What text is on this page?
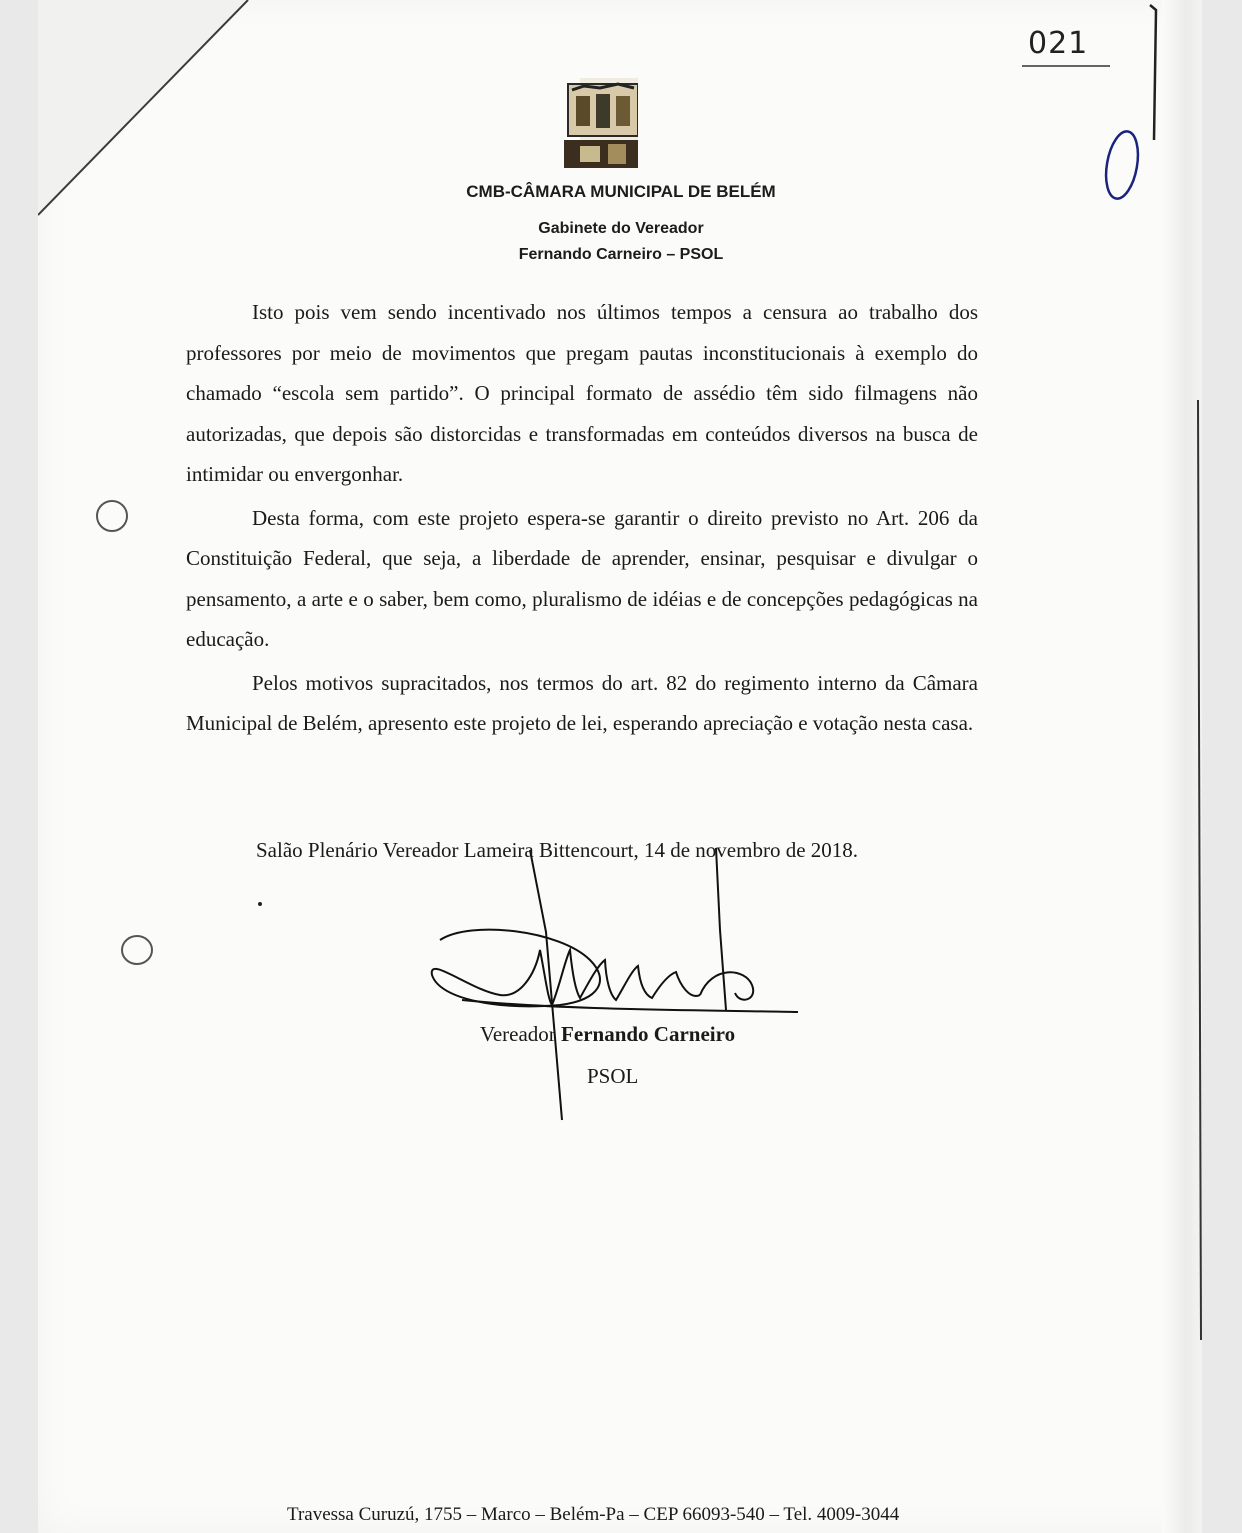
021
CMB-CÂMARA MUNICIPAL DE BELÉM
Gabinete do Vereador
Fernando Carneiro – PSOL

Isto pois vem sendo incentivado nos últimos tempos a censura ao trabalho dos professores por meio de movimentos que pregam pautas inconstitucionais à exemplo do chamado “escola sem partido”. O principal formato de assédio têm sido filmagens não autorizadas, que depois são distorcidas e transformadas em conteúdos diversos na busca de intimidar ou envergonhar.

Desta forma, com este projeto espera-se garantir o direito previsto no Art. 206 da Constituição Federal, que seja, a liberdade de aprender, ensinar, pesquisar e divulgar o pensamento, a arte e o saber, bem como, pluralismo de idéias e de concepções pedagógicas na educação.

Pelos motivos supracitados, nos termos do art. 82 do regimento interno da Câmara Municipal de Belém, apresento este projeto de lei, esperando apreciação e votação nesta casa.

Salão Plenário Vereador Lameira Bittencourt, 14 de novembro de 2018.
Vereador Fernando Carneiro
PSOL
Travessa Curuzú, 1755 – Marco – Belém-Pa – CEP 66093-540 – Tel. 4009-3044
